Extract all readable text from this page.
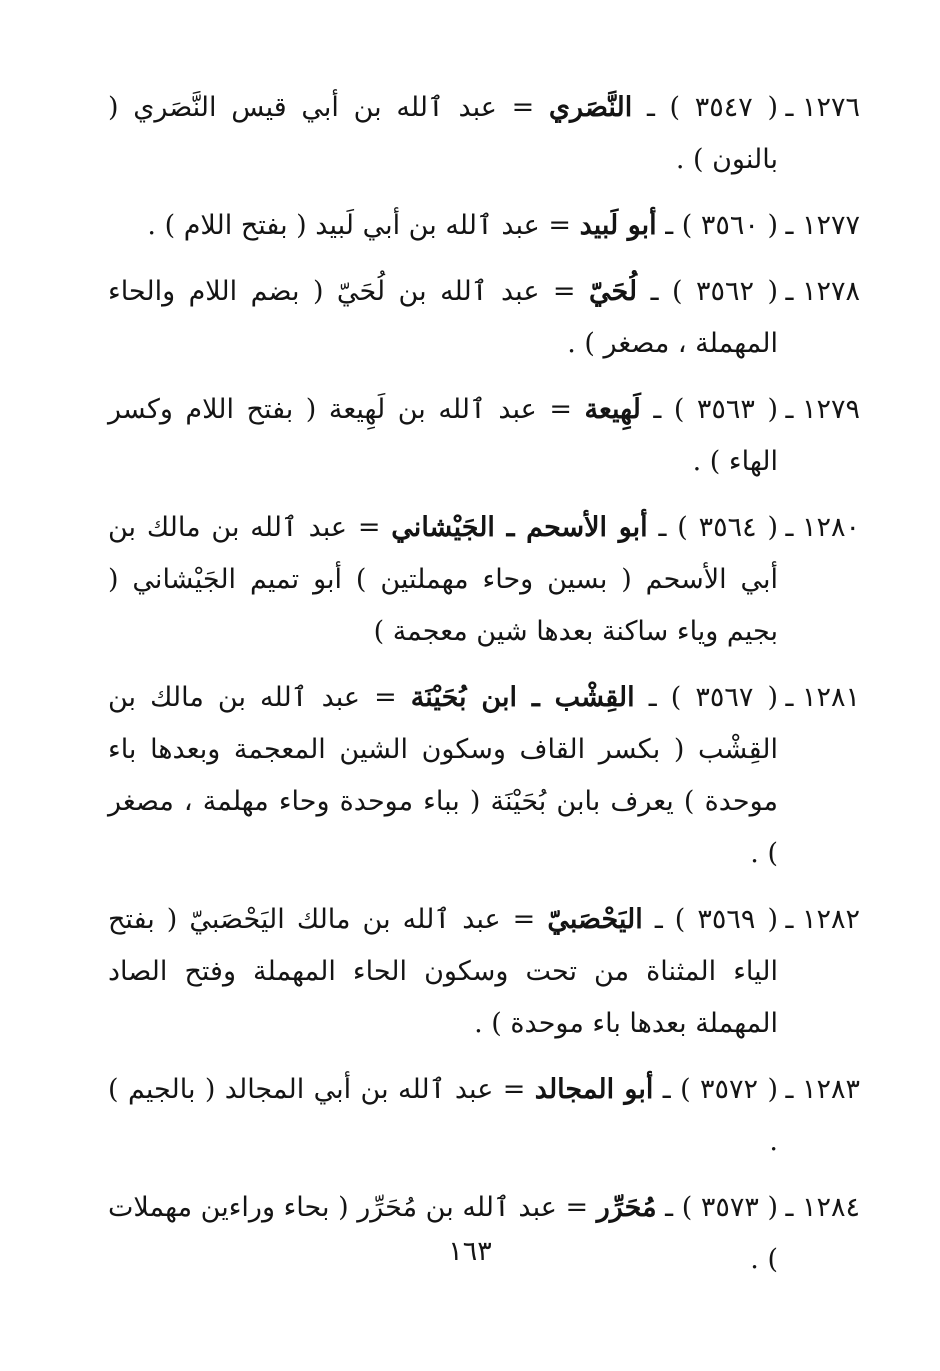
١٢٧٦ ـ
( ٣٥٤٧ ) ـ النَّصَري = عبد ٱلله بن أبي قيس النَّصَري ( بالنون ) .
١٢٧٧ ـ
( ٣٥٦٠ ) ـ أبو لَبيد = عبد ٱلله بن أبي لَبيد ( بفتح اللام ) .
١٢٧٨ ـ
( ٣٥٦٢ ) ـ لُحَيّ = عبد ٱلله بن لُحَيّ ( بضم اللام والحاء المهملة ، مصغر ) .
١٢٧٩ ـ
( ٣٥٦٣ ) ـ لَهِيعة = عبد ٱلله بن لَهِيعة ( بفتح اللام وكسر الهاء ) .
١٢٨٠ ـ
( ٣٥٦٤ ) ـ أبو الأسحم ـ الجَيْشاني = عبد ٱلله بن مالك بن أبي الأسحم ( بسين وحاء مهملتين ) أبو تميم الجَيْشاني ( بجيم وياء ساكنة بعدها شين معجمة )
١٢٨١ ـ
( ٣٥٦٧ ) ـ القِشْب ـ ابن بُحَيْنَة = عبد ٱلله بن مالك بن القِشْب ( بكسر القاف وسكون الشين المعجمة وبعدها باء موحدة ) يعرف بابن بُحَيْنَة ( بباء موحدة وحاء مهلمة ، مصغر ) .
١٢٨٢ ـ
( ٣٥٦٩ ) ـ اليَحْصَبيّ = عبد ٱلله بن مالك اليَحْصَبيّ ( بفتح الياء المثناة من تحت وسكون الحاء المهملة وفتح الصاد المهملة بعدها باء موحدة ) .
١٢٨٣ ـ
( ٣٥٧٢ ) ـ أبو المجالد = عبد ٱلله بن أبي المجالد ( بالجيم ) .
١٢٨٤ ـ
( ٣٥٧٣ ) ـ مُحَرِّر = عبد ٱلله بن مُحَرِّر ( بحاء وراءين مهملات ) .
١٦٣
